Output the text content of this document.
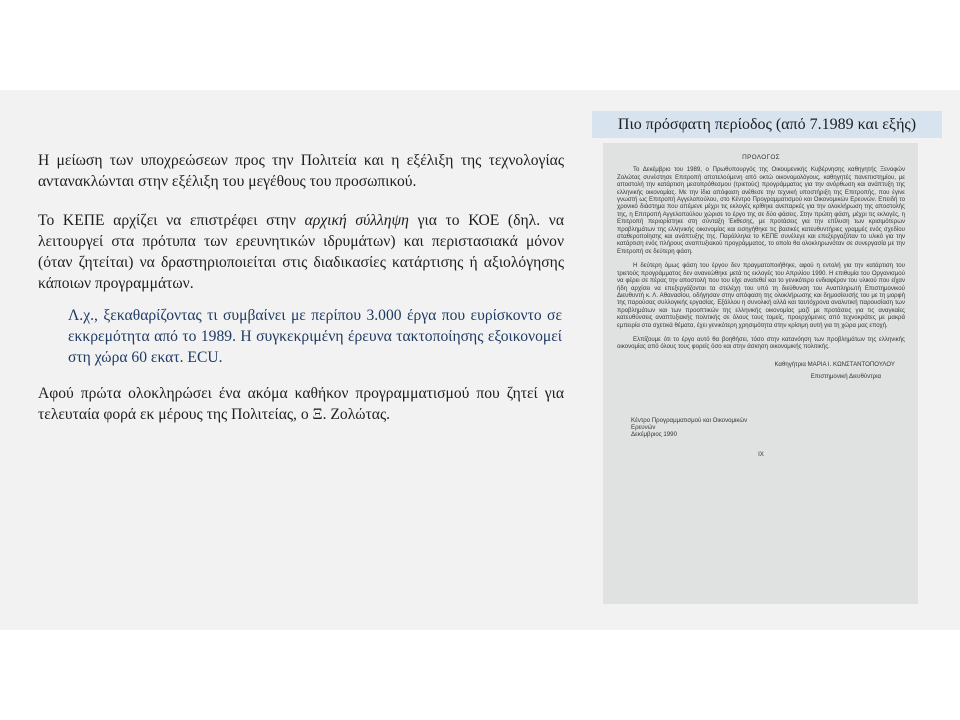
Η μείωση των υποχρεώσεων προς την Πολιτεία και η εξέλιξη της τεχνολογίας αντανακλώνται στην εξέλιξη του μεγέθους του προσωπικού.

Το ΚΕΠΕ αρχίζει να επιστρέφει στην αρχική σύλληψη για το ΚΟΕ (δηλ. να λειτουργεί στα πρότυπα των ερευνητικών ιδρυμάτων) και περιστασιακά μόνον (όταν ζητείται) να δραστηριοποιείται στις διαδικασίες κατάρτισης ή αξιολόγησης κάποιων προγραμμάτων.

Λ.χ., ξεκαθαρίζοντας τι συμβαίνει με περίπου 3.000 έργα που ευρίσκοντο σε εκκρεμότητα από το 1989. Η συγκεκριμένη έρευνα τακτοποίησης εξοικονομεί στη χώρα 60 εκατ. ECU.

Αφού πρώτα ολοκληρώσει ένα ακόμα καθήκον προγραμματισμού που ζητεί για τελευταία φορά εκ μέρους της Πολιτείας, ο Ξ. Ζολώτας.

Πιο πρόσφατη περίοδος (από 7.1989 και εξής)
ΠΡΟΛΟΓΟΣ

Το Δεκέμβριο του 1989, ο Πρωθυπουργός της Οικουμενικής Κυβέρνησης καθηγητής Ξενοφών Ζολώτας συνέστησε Επιτροπή αποτελούμενη από οκτώ οικονομολόγους, καθηγητές πανεπιστημίου, με αποστολή την κατάρτιση μεσοπρόθεσμου (τριετούς) προγράμματος για την ανόρθωση και ανάπτυξη της ελληνικής οικονομίας. Με την ίδια απόφαση ανέθεσε την τεχνική υποστήριξη της Επιτροπής, που έγινε γνωστή ως Επιτροπή Αγγελοπούλου, στο Κέντρο Προγραμματισμού και Οικονομικών Ερευνών. Επειδή το χρονικό διάστημα που απέμενε μέχρι τις εκλογές κρίθηκε ανεπαρκές για την ολοκλήρωση της αποστολής της, η Επιτροπή Αγγελοπούλου χώρισε το έργο της σε δύο φάσεις. Στην πρώτη φάση, μέχρι τις εκλογές, η Επιτροπή περιορίστηκε στη σύνταξη Έκθεσης, με προτάσεις για την επίλυση των κρισιμότερων προβλημάτων της ελληνικής οικονομίας και εισηγήθηκε τις βασικές κατευθυντήριες γραμμές ενός σχεδίου σταθεροποίησης και ανάπτυξης της. Παράλληλα το ΚΕΠΕ συνέλεγε και επεξεργαζόταν το υλικό για την κατάρτιση ενός πλήρους αναπτυξιακού προγράμματος, το οποίο θα ολοκληρωνόταν σε συνεργασία με την Επιτροπή σε δεύτερη φάση.

Η δεύτερη όμως φάση του έργου δεν πραγματοποιήθηκε, αφού η εντολή για την κατάρτιση του τριετούς προγράμματος δεν ανανεώθηκε μετά τις εκλογές του Απριλίου 1990. Η επιθυμία του Οργανισμού να φέρει σε πέρας την αποστολή που του είχε ανατεθεί και το γενικότερο ενδιαφέρον του υλικού που είχαν ήδη αρχίσει να επεξεργάζονται τα στελέχη του υπό τη διεύθυνση του Αναπληρωτή Επιστημονικού Διευθυντή κ. Λ. Αθανασίου, οδήγησαν στην απόφαση της ολοκλήρωσης και δημοσίευσής του με τη μορφή της παρούσας συλλογικής εργασίας. Εξάλλου η συνολική αλλά και ταυτόχρονα αναλυτική παρουσίαση των προβλημάτων και των προοπτικών της ελληνικής οικονομίας μαζί με προτάσεις για τις αναγκαίες κατευθύνσεις αναπτυξιακής πολιτικής σε όλους τους τομείς, προερχόμενες από τεχνοκράτες με μακρά εμπειρία στα σχετικά θέματα, έχει γενικότερη χρησιμότητα στην κρίσιμη αυτή για τη χώρα μας εποχή.

Ελπίζουμε ότι το έργο αυτό θα βοηθήσει, τόσο στην κατανόηση των προβλημάτων της ελληνικής οικονομίας από όλους τους φορείς όσο και στην άσκηση οικονομικής πολιτικής.

Καθηγήτρια ΜΑΡΙΑ Ι. ΚΩΝΣΤΑΝΤΟΠΟΥΛΟΥ
Επιστημονική Διευθύντρια
Κέντρο Προγραμματισμού και Οικονομικών Ερευνών
Δεκέμβριος 1990
IX
